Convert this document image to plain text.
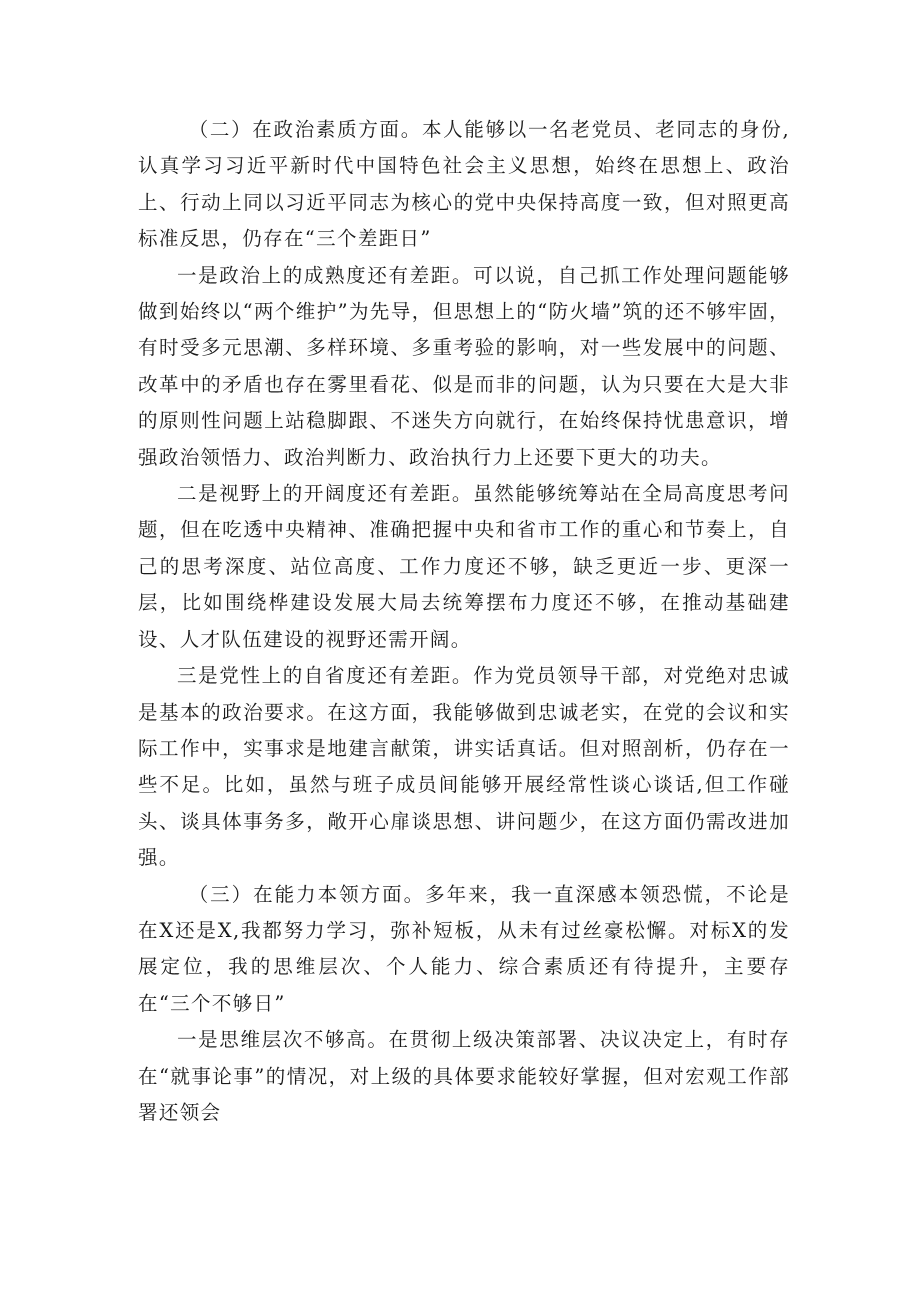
（二）在政治素质方面。本人能够以一名老党员、老同志的身份,认真学习习近平新时代中国特色社会主义思想，始终在思想上、政治上、行动上同以习近平同志为核心的党中央保持高度一致，但对照更高标准反思，仍存在“三个差距日”

一是政治上的成熟度还有差距。可以说，自己抓工作处理问题能够做到始终以“两个维护”为先导，但思想上的“防火墙”筑的还不够牢固，有时受多元思潮、多样环境、多重考验的影响，对一些发展中的问题、改革中的矛盾也存在雾里看花、似是而非的问题，认为只要在大是大非的原则性问题上站稳脚跟、不迷失方向就行，在始终保持忧患意识，增强政治领悟力、政治判断力、政治执行力上还要下更大的功夫。

二是视野上的开阔度还有差距。虽然能够统筹站在全局高度思考问题，但在吃透中央精神、准确把握中央和省市工作的重心和节奏上，自己的思考深度、站位高度、工作力度还不够，缺乏更近一步、更深一层，比如围绕桦建设发展大局去统筹摆布力度还不够，在推动基础建设、人才队伍建设的视野还需开阔。

三是党性上的自省度还有差距。作为党员领导干部，对党绝对忠诚是基本的政治要求。在这方面，我能够做到忠诚老实，在党的会议和实际工作中，实事求是地建言献策，讲实话真话。但对照剖析，仍存在一些不足。比如，虽然与班子成员间能够开展经常性谈心谈话,但工作碰头、谈具体事务多，敞开心扉谈思想、讲问题少，在这方面仍需改进加强。

（三）在能力本领方面。多年来，我一直深感本领恐慌，不论是在X还是X,我都努力学习，弥补短板，从未有过丝豪松懈。对标X的发展定位，我的思维层次、个人能力、综合素质还有待提升，主要存在“三个不够日”

一是思维层次不够高。在贯彻上级决策部署、决议决定上，有时存在“就事论事”的情况，对上级的具体要求能较好掌握，但对宏观工作部署还领会
